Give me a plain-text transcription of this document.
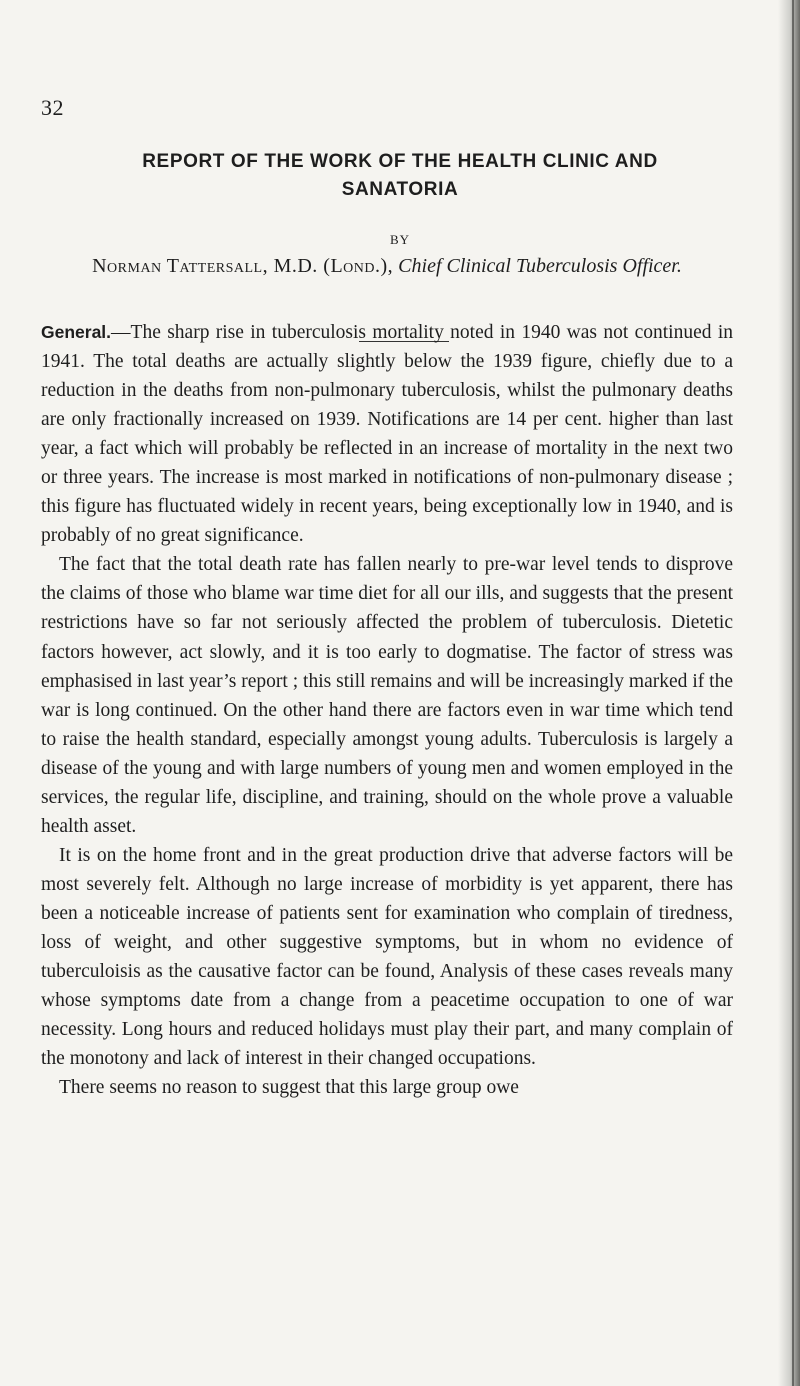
32
REPORT OF THE WORK OF THE HEALTH CLINIC AND
SANATORIA
BY
Norman Tattersall, M.D. (Lond.), Chief Clinical Tuberculosis Officer.

General.—The sharp rise in tuberculosis mortality noted in 1940 was not continued in 1941. The total deaths are actually slightly below the 1939 figure, chiefly due to a reduction in the deaths from non-pulmonary tuberculosis, whilst the pulmonary deaths are only fractionally increased on 1939. Notifications are 14 per cent. higher than last year, a fact which will probably be reflected in an increase of mortality in the next two or three years. The increase is most marked in notifications of non-pulmonary disease ; this figure has fluctuated widely in recent years, being exceptionally low in 1940, and is probably of no great significance.

The fact that the total death rate has fallen nearly to pre-war level tends to disprove the claims of those who blame war time diet for all our ills, and suggests that the present restrictions have so far not seriously affected the problem of tuberculosis. Dietetic factors however, act slowly, and it is too early to dogmatise. The factor of stress was emphasised in last year’s report ; this still remains and will be increasingly marked if the war is long continued. On the other hand there are factors even in war time which tend to raise the health standard, especially amongst young adults. Tuberculosis is largely a disease of the young and with large numbers of young men and women employed in the services, the regular life, discipline, and training, should on the whole prove a valuable health asset.

It is on the home front and in the great production drive that adverse factors will be most severely felt. Although no large increase of morbidity is yet apparent, there has been a noticeable increase of patients sent for examination who complain of tiredness, loss of weight, and other suggestive symptoms, but in whom no evidence of tuberculoisis as the causative factor can be found, Analysis of these cases reveals many whose symptoms date from a change from a peacetime occupation to one of war necessity. Long hours and reduced holidays must play their part, and many complain of the monotony and lack of interest in their changed occupations.

There seems no reason to suggest that this large group owe
